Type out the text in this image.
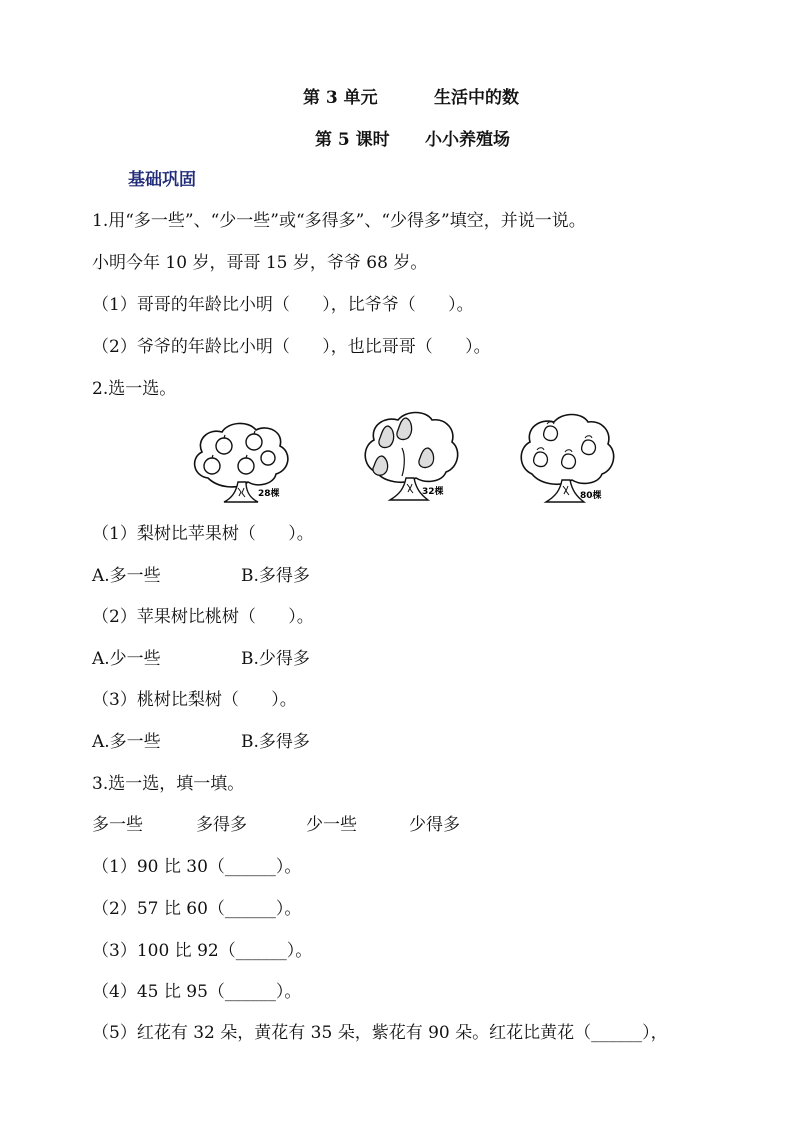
第 3 单元	生活中的数
第 5 课时 小小养殖场
基础巩固
1.用“多一些”、“少一些”或“多得多”、“少得多”填空，并说一说。
小明今年 10 岁，哥哥 15 岁，爷爷 68 岁。
（1）哥哥的年龄比小明（      ），比爷爷（      ）。
（2）爷爷的年龄比小明（      ），也比哥哥（      ）。
2.选一选。
28棵	32棵	80棵
（1）梨树比苹果树（      ）。
A.多一些	B.多得多
（2）苹果树比桃树（      ）。
A.少一些	B.少得多
（3）桃树比梨树（      ）。
A.多一些	B.多得多
3.选一选，填一填。
多一些	多得多	少一些	少得多
（1）90 比 30（______）。
（2）57 比 60（______）。
（3）100 比 92（______）。
（4）45 比 95（______）。
（5）红花有 32 朵，黄花有 35 朵，紫花有 90 朵。红花比黄花（______），
